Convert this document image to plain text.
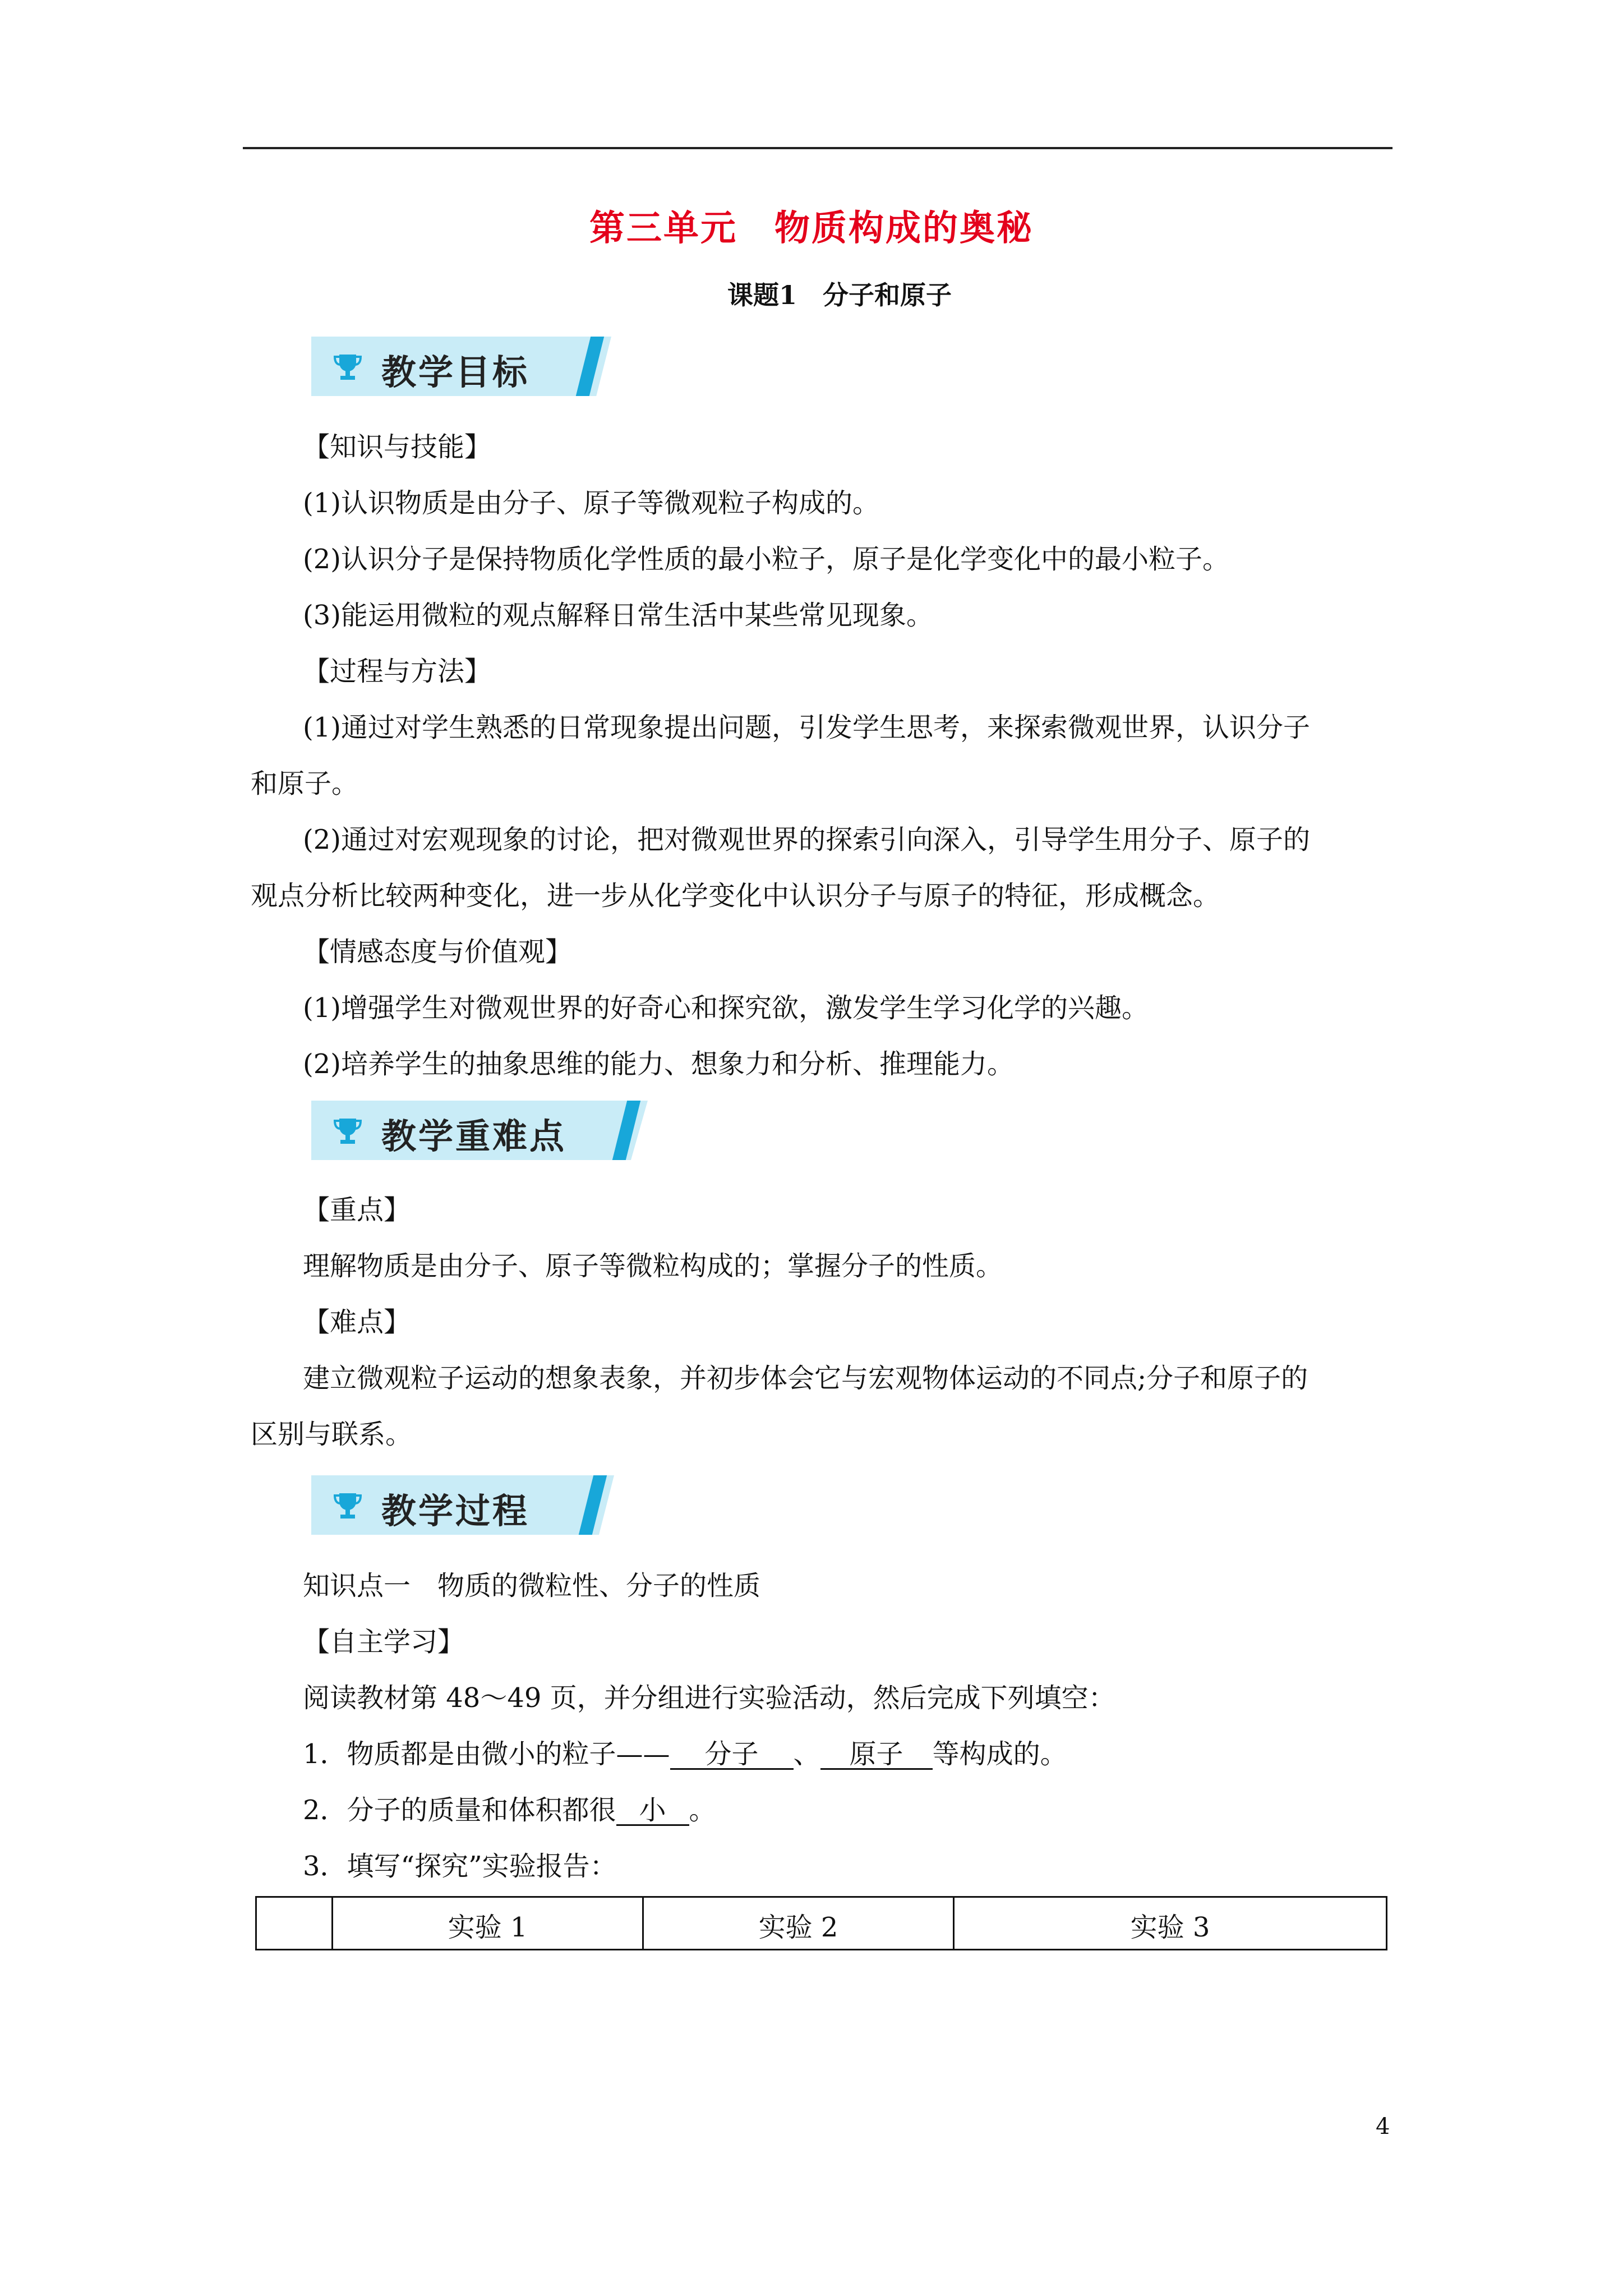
第三单元　物质构成的奥秘
课题1　分子和原子
教学目标
【知识与技能】
(1)认识物质是由分子、原子等微观粒子构成的。
(2)认识分子是保持物质化学性质的最小粒子，原子是化学变化中的最小粒子。
(3)能运用微粒的观点解释日常生活中某些常见现象。
【过程与方法】
(1)通过对学生熟悉的日常现象提出问题，引发学生思考，来探索微观世界，认识分子
和原子。
(2)通过对宏观现象的讨论，把对微观世界的探索引向深入，引导学生用分子、原子的
观点分析比较两种变化，进一步从化学变化中认识分子与原子的特征，形成概念。
【情感态度与价值观】
(1)增强学生对微观世界的好奇心和探究欲，激发学生学习化学的兴趣。
(2)培养学生的抽象思维的能力、想象力和分析、推理能力。
教学重难点
【重点】
理解物质是由分子、原子等微粒构成的；掌握分子的性质。
【难点】
建立微观粒子运动的想象表象，并初步体会它与宏观物体运动的不同点;分子和原子的
区别与联系。
教学过程
知识点一　物质的微粒性、分子的性质
【自主学习】
阅读教材第 48～49 页，并分组进行实验活动，然后完成下列填空：
1．物质都是由微小的粒子—— 分子 、 原子 等构成的。
2．分子的质量和体积都很 小 。
3．填写“探究”实验报告：
	实验 1	实验 2	实验 3
4
